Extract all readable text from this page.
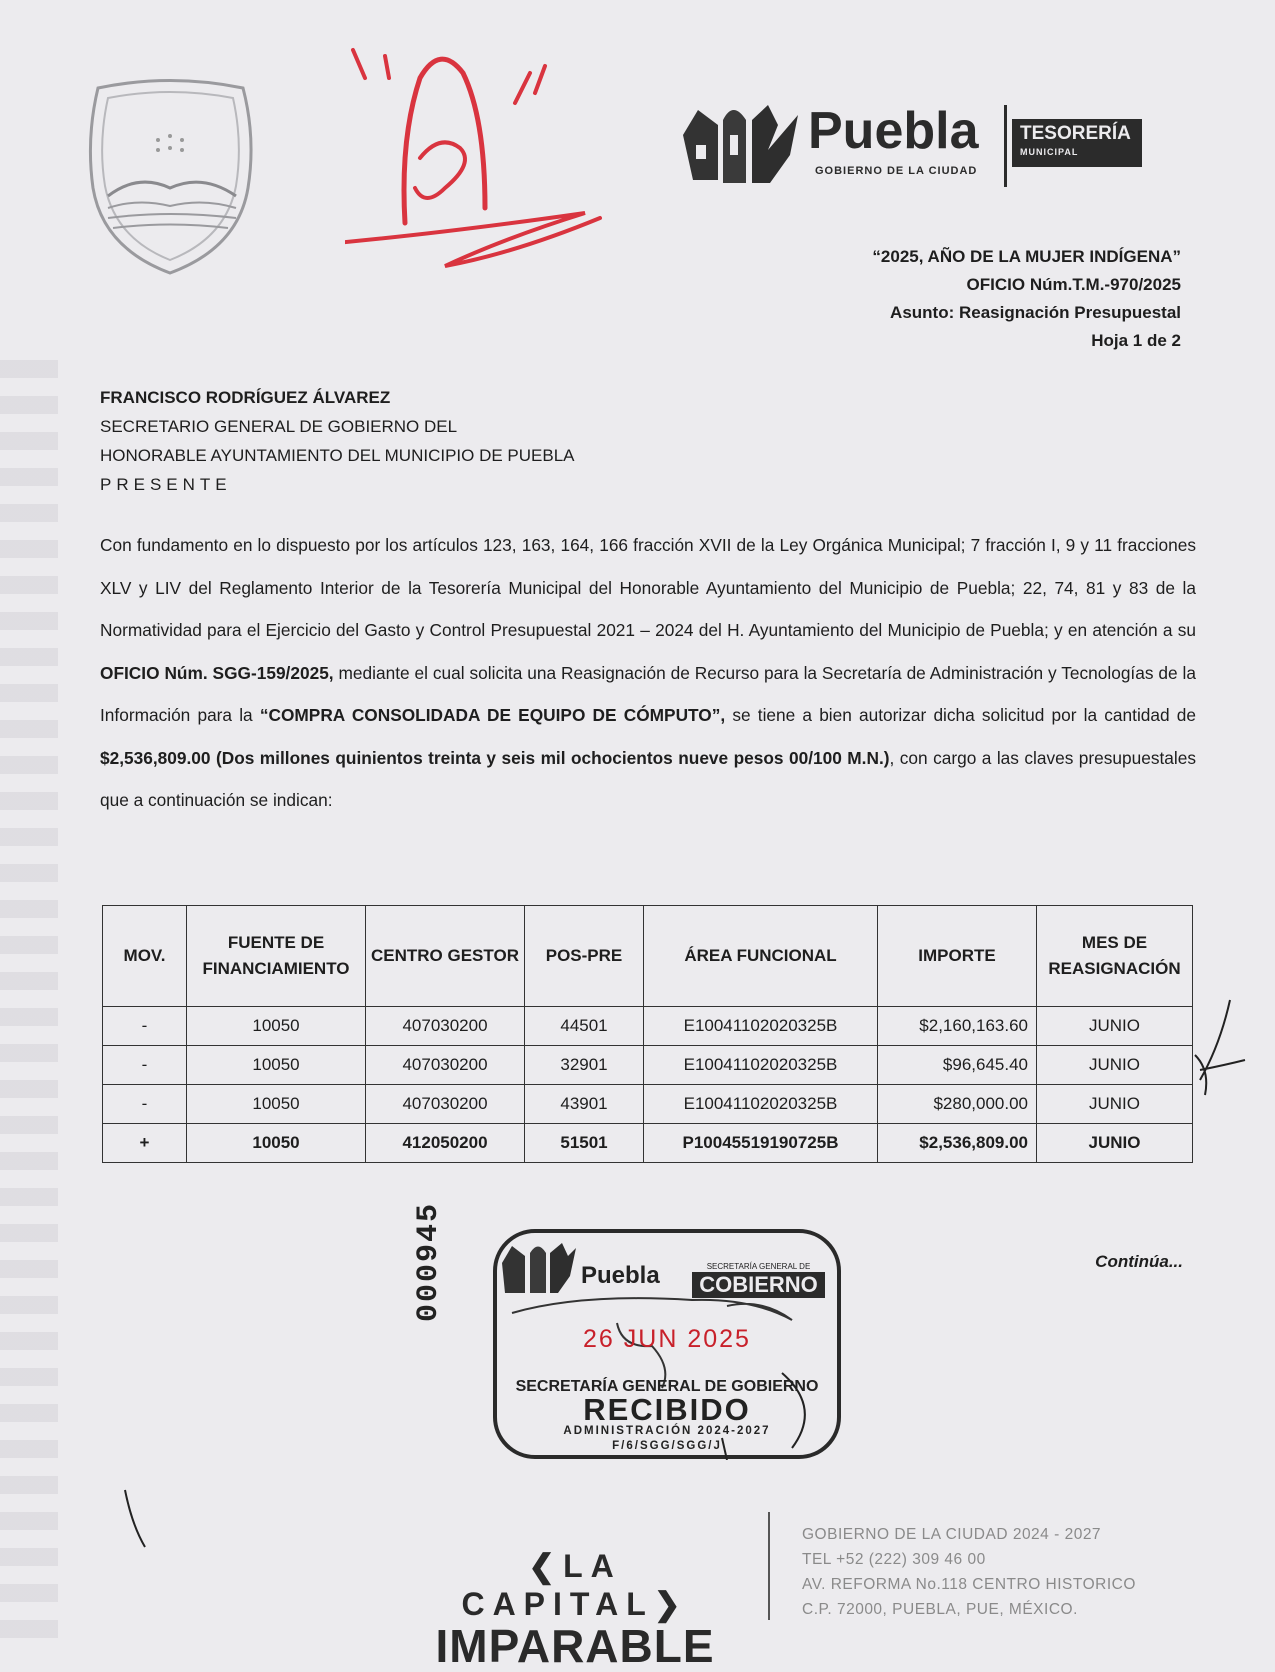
Puebla
GOBIERNO DE LA CIUDAD
TESORERÍA
MUNICIPAL
“2025, AÑO DE LA MUJER INDÍGENA”
OFICIO Núm.T.M.-970/2025
Asunto: Reasignación Presupuestal
Hoja 1 de 2
FRANCISCO RODRÍGUEZ ÁLVAREZ
SECRETARIO GENERAL DE GOBIERNO DEL
HONORABLE AYUNTAMIENTO DEL MUNICIPIO DE PUEBLA
PRESENTE
Con fundamento en lo dispuesto por los artículos 123, 163, 164, 166 fracción XVII de la Ley Orgánica Municipal; 7 fracción I, 9 y 11 fracciones XLV y LIV del Reglamento Interior de la Tesorería Municipal del Honorable Ayuntamiento del Municipio de Puebla; 22, 74, 81 y 83 de la Normatividad para el Ejercicio del Gasto y Control Presupuestal 2021 – 2024 del H. Ayuntamiento del Municipio de Puebla; y en atención a su OFICIO Núm. SGG-159/2025, mediante el cual solicita una Reasignación de Recurso para la Secretaría de Administración y Tecnologías de la Información para la “COMPRA CONSOLIDADA DE EQUIPO DE CÓMPUTO”, se tiene a bien autorizar dicha solicitud por la cantidad de $2,536,809.00 (Dos millones quinientos treinta y seis mil ochocientos nueve pesos 00/100 M.N.), con cargo a las claves presupuestales que a continuación se indican:
MOV.	FUENTE DE FINANCIAMIENTO	CENTRO GESTOR	POS-PRE	ÁREA FUNCIONAL	IMPORTE	MES DE REASIGNACIÓN
-	10050	407030200	44501	E10041102020325B	$2,160,163.60	JUNIO
-	10050	407030200	32901	E10041102020325B	$96,645.40	JUNIO
-	10050	407030200	43901	E10041102020325B	$280,000.00	JUNIO
+	10050	412050200	51501	P10045519190725B	$2,536,809.00	JUNIO
Continúa...
000945	Puebla	SECRETARÍA GENERAL DE
COBIERNO
26 JUN 2025
SECRETARÍA GENERAL DE GOBIERNO
RECIBIDO
ADMINISTRACIÓN 2024-2027
F/6/SGG/SGG/J
❮LA CAPITAL❯
IMPARABLE
GOBIERNO DE LA CIUDAD 2024 - 2027
TEL +52 (222) 309 46 00
AV. REFORMA No.118 CENTRO HISTORICO
C.P. 72000, PUEBLA, PUE, MÉXICO.
